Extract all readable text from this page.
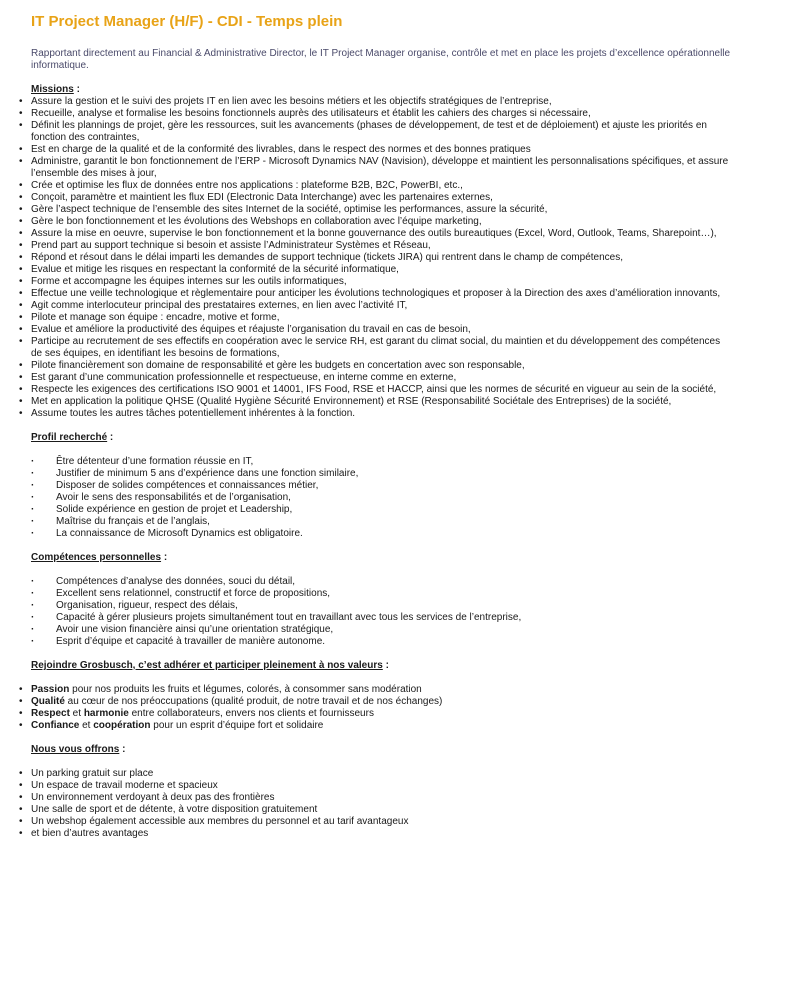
IT Project Manager (H/F) - CDI - Temps plein
Rapportant directement au Financial & Administrative Director, le IT Project Manager organise, contrôle et met en place les projets d’excellence opérationnelle informatique.
Missions :
• Assure la gestion et le suivi des projets IT en lien avec les besoins métiers et les objectifs stratégiques de l’entreprise,
• Recueille, analyse et formalise les besoins fonctionnels auprès des utilisateurs et établit les cahiers des charges si nécessaire,
• Définit les plannings de projet, gère les ressources, suit les avancements (phases de développement, de test et de déploiement) et ajuste les priorités en fonction des contraintes,
• Est en charge de la qualité et de la conformité des livrables, dans le respect des normes et des bonnes pratiques
• Administre, garantit le bon fonctionnement de l’ERP - Microsoft Dynamics NAV (Navision), développe et maintient les personnalisations spécifiques, et assure l’ensemble des mises à jour,
• Crée et optimise les flux de données entre nos applications : plateforme B2B, B2C, PowerBI, etc.,
• Conçoit, paramètre et maintient les flux EDI (Electronic Data Interchange) avec les partenaires externes,
• Gère l’aspect technique de l’ensemble des sites Internet de la société, optimise les performances, assure la sécurité,
• Gère le bon fonctionnement et les évolutions des Webshops en collaboration avec l’équipe marketing,
• Assure la mise en oeuvre, supervise le bon fonctionnement et la bonne gouvernance des outils bureautiques (Excel, Word, Outlook, Teams, Sharepoint…),
• Prend part au support technique si besoin et assiste l’Administrateur Systèmes et Réseau,
• Répond et résout dans le délai imparti les demandes de support technique (tickets JIRA) qui rentrent dans le champ de compétences,
• Evalue et mitige les risques en respectant la conformité de la sécurité informatique,
• Forme et accompagne les équipes internes sur les outils informatiques,
• Effectue une veille technologique et règlementaire pour anticiper les évolutions technologiques et proposer à la Direction des axes d’amélioration innovants,
• Agit comme interlocuteur principal des prestataires externes, en lien avec l’activité IT,
• Pilote et manage son équipe : encadre, motive et forme,
• Evalue et améliore la productivité des équipes et réajuste l’organisation du travail en cas de besoin,
• Participe au recrutement de ses effectifs en coopération avec le service RH, est garant du climat social, du maintien et du développement des compétences de ses équipes, en identifiant les besoins de formations,
• Pilote financièrement son domaine de responsabilité et gère les budgets en concertation avec son responsable,
• Est garant d’une communication professionnelle et respectueuse, en interne comme en externe,
• Respecte les exigences des certifications ISO 9001 et 14001, IFS Food, RSE et HACCP, ainsi que les normes de sécurité en vigueur au sein de la société,
• Met en application la politique QHSE (Qualité Hygiène Sécurité Environnement) et RSE (Responsabilité Sociétale des Entreprises) de la société,
• Assume toutes les autres tâches potentiellement inhérentes à la fonction.
Profil recherché :
· Être détenteur d’une formation réussie en IT,
· Justifier de minimum 5 ans d’expérience dans une fonction similaire,
· Disposer de solides compétences et connaissances métier,
· Avoir le sens des responsabilités et de l’organisation,
· Solide expérience en gestion de projet et Leadership,
· Maîtrise du français et de l’anglais,
· La connaissance de Microsoft Dynamics est obligatoire.
Compétences personnelles :
· Compétences d’analyse des données, souci du détail,
· Excellent sens relationnel, constructif et force de propositions,
· Organisation, rigueur, respect des délais,
· Capacité à gérer plusieurs projets simultanément tout en travaillant avec tous les services de l’entreprise,
· Avoir une vision financière ainsi qu’une orientation stratégique,
· Esprit d’équipe et capacité à travailler de manière autonome.
Rejoindre Grosbusch, c’est adhérer et participer pleinement à nos valeurs :
• Passion pour nos produits les fruits et légumes, colorés, à consommer sans modération
• Qualité au cœur de nos préoccupations (qualité produit, de notre travail et de nos échanges)
• Respect et harmonie entre collaborateurs, envers nos clients et fournisseurs
• Confiance et coopération pour un esprit d’équipe fort et solidaire
Nous vous offrons :
• Un parking gratuit sur place
• Un espace de travail moderne et spacieux
• Un environnement verdoyant à deux pas des frontières
• Une salle de sport et de détente, à votre disposition gratuitement
• Un webshop également accessible aux membres du personnel et au tarif avantageux
• et bien d’autres avantages
